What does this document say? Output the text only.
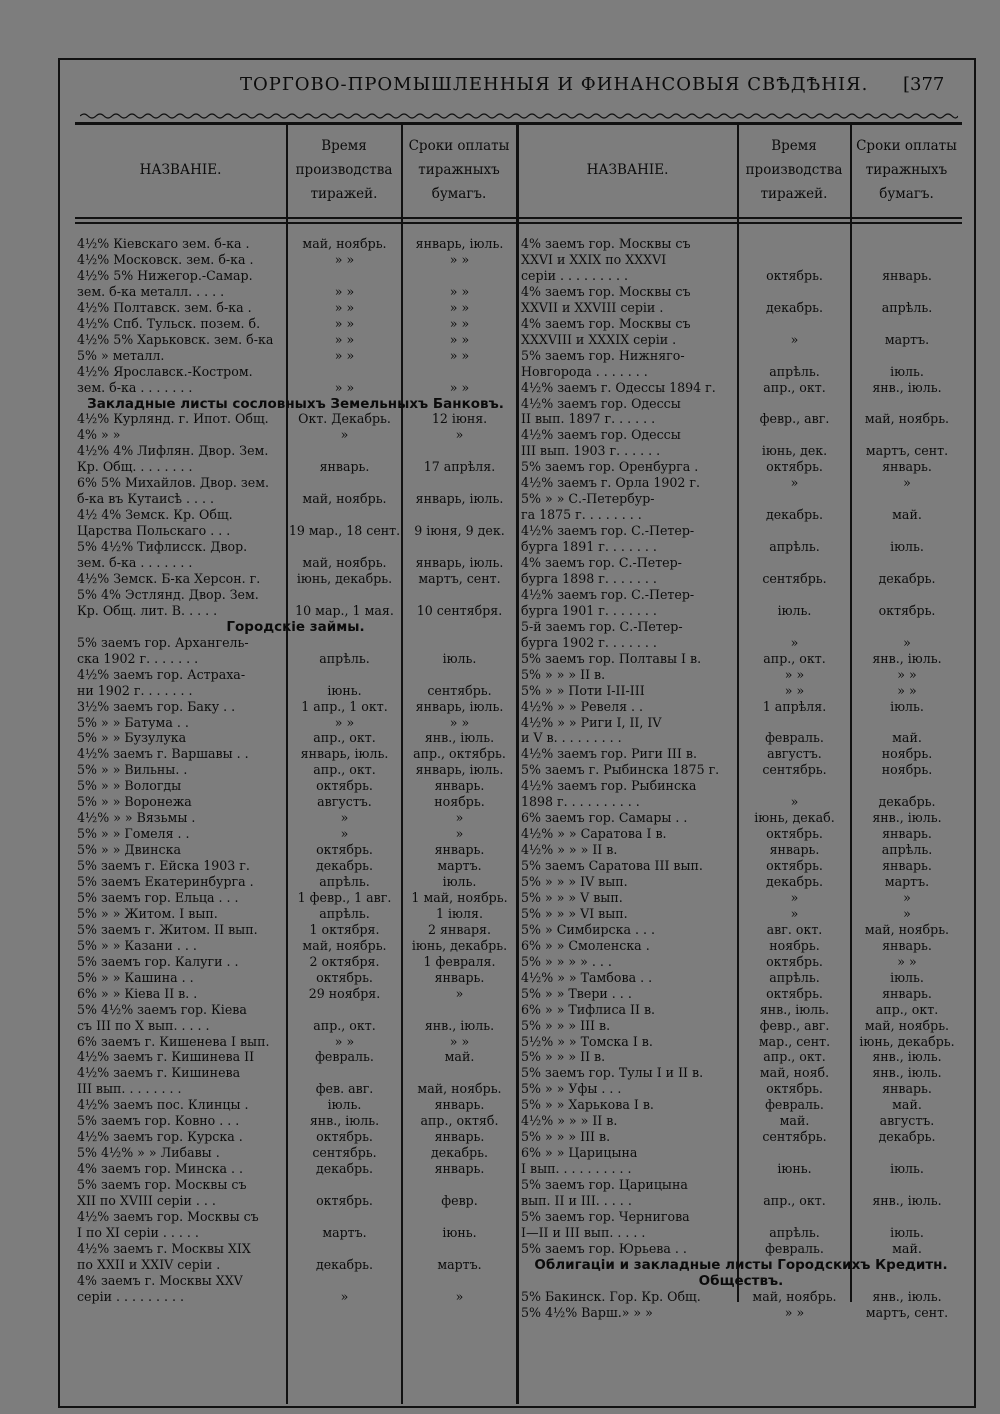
ТОРГОВО-ПРОМЫШЛЕННЫЯ И ФИНАНСОВЫЯ СВѢДѢНІЯ. [377
НАЗВАНІЕ.
Время
производства
тиражей.
Сроки оплаты
тиражныхъ
бумагъ.
НАЗВАНІЕ.
Время
производства
тиражей.
Сроки оплаты
тиражныхъ
бумагъ.
4½% Кіевскаго зем. б-ка .	май, ноябрь.	январь, іюль.
4½% Московск. зем. б-ка .	» »	» »
4½% 5% Нижегор.-Самар.
зем. б-ка металл. . . . .	» »	» »
4½% Полтавск. зем. б-ка .	» »	» »
4½% Спб. Тульск. позем. б.	» »	» »
4½% 5% Харьковск. зем. б-ка	» »	» »
5% » металл.	» »	» »
4½% Ярославск.-Костром.
зем. б-ка . . . . . . .	» »	» »
Закладные листы сословныхъ Земельныхъ Банковъ.
4½% Курлянд. г. Ипот. Общ.	Окт. Декабрь.	12 іюня.
4% » »	»	»
4½% 4% Лифлян. Двор. Зем.
Кр. Общ. . . . . . . .	январь.	17 апрѣля.
6% 5% Михайлов. Двор. зем.
б-ка въ Кутаисѣ . . . .	май, ноябрь.	январь, іюль.
4½ 4% Земск. Кр. Общ.
Царства Польскаго . . .	19 мар., 18 сент.	9 іюня, 9 дек.
5% 4½% Тифлисск. Двор.
зем. б-ка . . . . . . .	май, ноябрь.	январь, іюль.
4½% Земск. Б-ка Херсон. г.	іюнь, декабрь.	мартъ, сент.
5% 4% Эстлянд. Двор. Зем.
Кр. Общ. лит. В. . . . .	10 мар., 1 мая.	10 сентября.
Городскіе займы.
5% заемъ гор. Архангель-
ска 1902 г. . . . . . .	апрѣль.	іюль.
4½% заемъ гор. Астраха-
ни 1902 г. . . . . . .	іюнь.	сентябрь.
3½% заемъ гор. Баку . .	1 апр., 1 окт.	январь, іюль.
5% » » Батума . .	» »	» »
5% » » Бузулука	апр., окт.	янв., іюль.
4½% заемъ г. Варшавы . .	январь, іюль.	апр., октябрь.
5% » » Вильны. .	апр., окт.	январь, іюль.
5% » » Вологды	октябрь.	январь.
5% » » Воронежа	августъ.	ноябрь.
4½% » » Вязьмы .	»	»
5% » » Гомеля . .	»	»
5% » » Двинска	октябрь.	январь.
5% заемъ г. Ейска 1903 г.	декабрь.	мартъ.
5% заемъ Екатеринбурга .	апрѣль.	іюль.
5% заемъ гор. Ельца . . .	1 февр., 1 авг.	1 май, ноябрь.
5% » » Житом. I вып.	апрѣль.	1 іюля.
5% заемъ г. Житом. II вып.	1 октября.	2 января.
5% » » Казани . . .	май, ноябрь.	іюнь, декабрь.
5% заемъ гор. Калуги . .	2 октября.	1 февраля.
5% » » Кашина . .	октябрь.	январь.
6% » » Кіева II в. .	29 ноября.	»
5% 4½% заемъ гор. Кіева
съ III по X вып. . . . .	апр., окт.	янв., іюль.
6% заемъ г. Кишенева I вып.	» »	» »
4½% заемъ г. Кишинева II	февраль.	май.
4½% заемъ г. Кишинева
III вып. . . . . . . .	фев. авг.	май, ноябрь.
4½% заемъ пос. Клинцы .	іюль.	январь.
5% заемъ гор. Ковно . . .	янв., іюль.	апр., октяб.
4½% заемъ гор. Курска .	октябрь.	январь.
5% 4½% » » Либавы .	сентябрь.	декабрь.
4% заемъ гор. Минска . .	декабрь.	январь.
5% заемъ гор. Москвы съ
XII по XVIII серіи . . .	октябрь.	февр.
4½% заемъ гор. Москвы съ
I по XI серіи . . . . .	мартъ.	іюнь.
4½% заемъ г. Москвы XIX
по XXII и XXIV серіи .	декабрь.	мартъ.
4% заемъ г. Москвы XXV
серіи . . . . . . . . .	»	»
4% заемъ гор. Москвы съ
XXVI и XXIX по XXXVI
серіи . . . . . . . . .	октябрь.	январь.
4% заемъ гор. Москвы съ
XXVII и XXVIII серіи .	декабрь.	апрѣль.
4% заемъ гор. Москвы съ
XXXVIII и XXXIX серіи .	»	мартъ.
5% заемъ гор. Нижняго-
Новгорода . . . . . . .	апрѣль.	іюль.
4½% заемъ г. Одессы 1894 г.	апр., окт.	янв., іюль.
4½% заемъ гор. Одессы
II вып. 1897 г. . . . . .	февр., авг.	май, ноябрь.
4½% заемъ гор. Одессы
III вып. 1903 г. . . . . .	іюнь, дек.	мартъ, сент.
5% заемъ гор. Оренбурга .	октябрь.	январь.
4½% заемъ г. Орла 1902 г.	»	»
5% » » С.-Петербур-
га 1875 г. . . . . . . .	декабрь.	май.
4½% заемъ гор. С.-Петер-
бурга 1891 г. . . . . . .	апрѣль.	іюль.
4% заемъ гор. С.-Петер-
бурга 1898 г. . . . . . .	сентябрь.	декабрь.
4½% заемъ гор. С.-Петер-
бурга 1901 г. . . . . . .	іюль.	октябрь.
5-й заемъ гор. С.-Петер-
бурга 1902 г. . . . . . .	»	»
5% заемъ гор. Полтавы I в.	апр., окт.	янв., іюль.
5% » » » II в.	» »	» »
5% » » Поти I-II-III	» »	» »
4½% » » Ревеля . .	1 апрѣля.	іюль.
4½% » » Риги I, II, IV
и V в. . . . . . . . .	февраль.	май.
4½% заемъ гор. Риги III в.	августъ.	ноябрь.
5% заемъ г. Рыбинска 1875 г.	сентябрь.	ноябрь.
4½% заемъ гор. Рыбинска
1898 г. . . . . . . . . .	»	декабрь.
6% заемъ гор. Самары . .	іюнь, декаб.	янв., іюль.
4½% » » Саратова I в.	октябрь.	январь.
4½% » » » II в.	январь.	апрѣль.
5% заемъ Саратова III вып.	октябрь.	январь.
5% » » » IV вып.	декабрь.	мартъ.
5% » » » V вып.	»	»
5% » » » VI вып.	»	»
5% » Симбирска . . .	авг. окт.	май, ноябрь.
6% » » Смоленска .	ноябрь.	январь.
5% » » » » . . .	октябрь.	» »
4½% » » Тамбова . .	апрѣль.	іюль.
5% » » Твери . . .	октябрь.	январь.
6% » » Тифлиса II в.	янв., іюль.	апр., окт.
5% » » » III в.	февр., авг.	май, ноябрь.
5½% » » Томска I в.	мар., сент.	іюнь, декабрь.
5% » » » II в.	апр., окт.	янв., іюль.
5% заемъ гор. Тулы I и II в.	май, нояб.	янв., іюль.
5% » » Уфы . . .	октябрь.	январь.
5% » » Харькова I в.	февраль.	май.
4½% » » » II в.	май.	августъ.
5% » » » III в.	сентябрь.	декабрь.
6% » » Царицына
I вып. . . . . . . . . .	іюнь.	іюль.
5% заемъ гор. Царицына
вып. II и III. . . . .	апр., окт.	янв., іюль.
5% заемъ гор. Чернигова
I—II и III вып. . . . .	апрѣль.	іюль.
5% заемъ гор. Юрьева . .	февраль.	май.
Облигаціи и закладные листы Городскихъ Кредитн.
Обществъ.
5% Бакинск. Гор. Кр. Общ.	май, ноябрь.	янв., іюль.
5% 4½% Варш.» » »	» »	мартъ, сент.
